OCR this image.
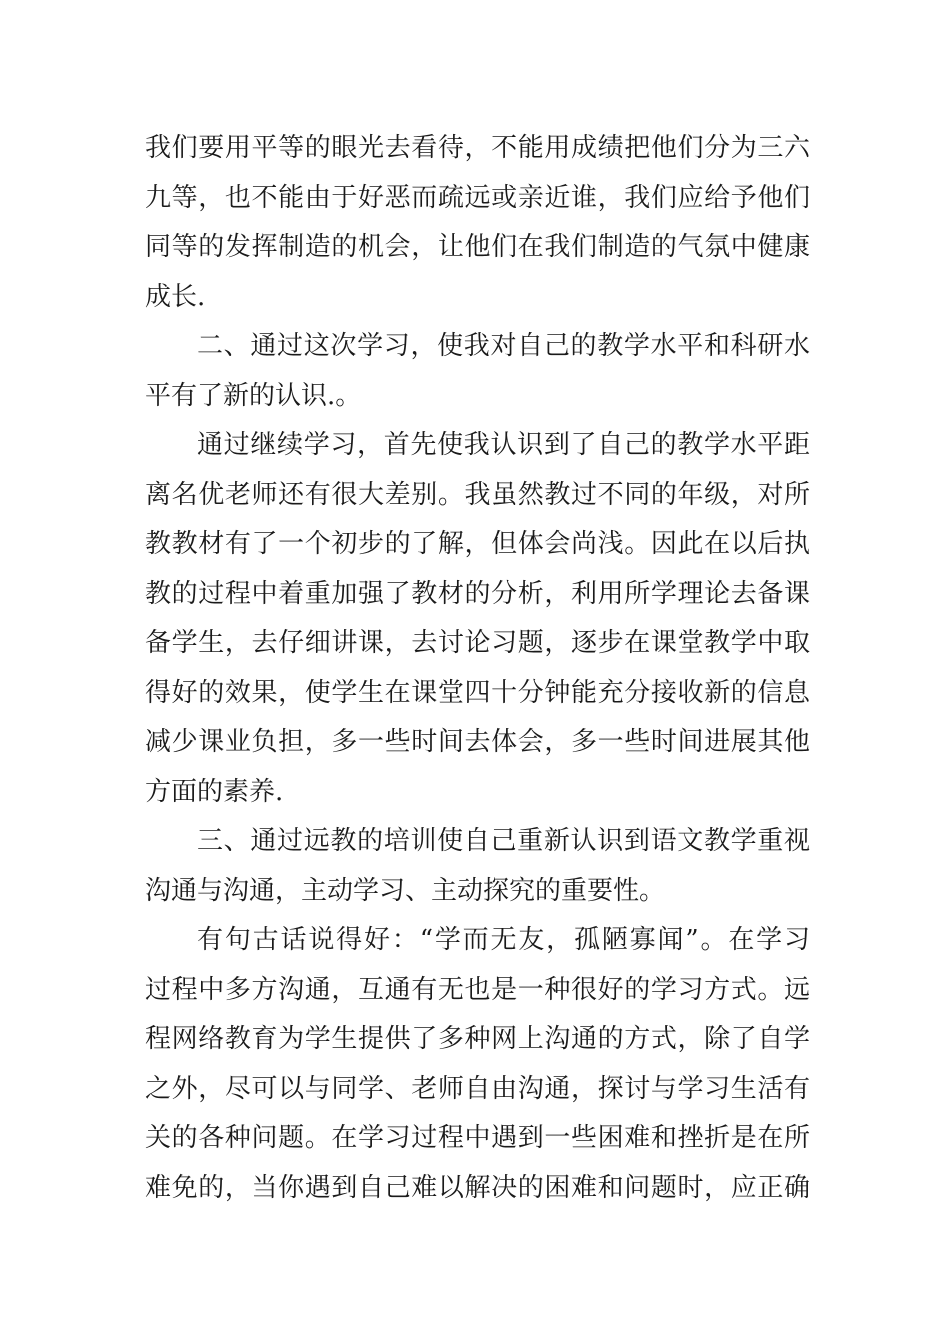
我们要用平等的眼光去看待，不能用成绩把他们分为三六
九等，也不能由于好恶而疏远或亲近谁，我们应给予他们
同等的发挥制造的机会，让他们在我们制造的气氛中健康
成长.
二、通过这次学习，使我对自己的教学水平和科研水
平有了新的认识.。
通过继续学习，首先使我认识到了自己的教学水平距
离名优老师还有很大差别。我虽然教过不同的年级，对所
教教材有了一个初步的了解，但体会尚浅。因此在以后执
教的过程中着重加强了教材的分析，利用所学理论去备课
备学生，去仔细讲课，去讨论习题，逐步在课堂教学中取
得好的效果，使学生在课堂四十分钟能充分接收新的信息
减少课业负担，多一些时间去体会，多一些时间进展其他
方面的素养.
三、通过远教的培训使自己重新认识到语文教学重视
沟通与沟通，主动学习、主动探究的重要性。
有句古话说得好：“学而无友，孤陋寡闻”。在学习
过程中多方沟通，互通有无也是一种很好的学习方式。远
程网络教育为学生提供了多种网上沟通的方式，除了自学
之外，尽可以与同学、老师自由沟通，探讨与学习生活有
关的各种问题。在学习过程中遇到一些困难和挫折是在所
难免的，当你遇到自己难以解决的困难和问题时，应正确
